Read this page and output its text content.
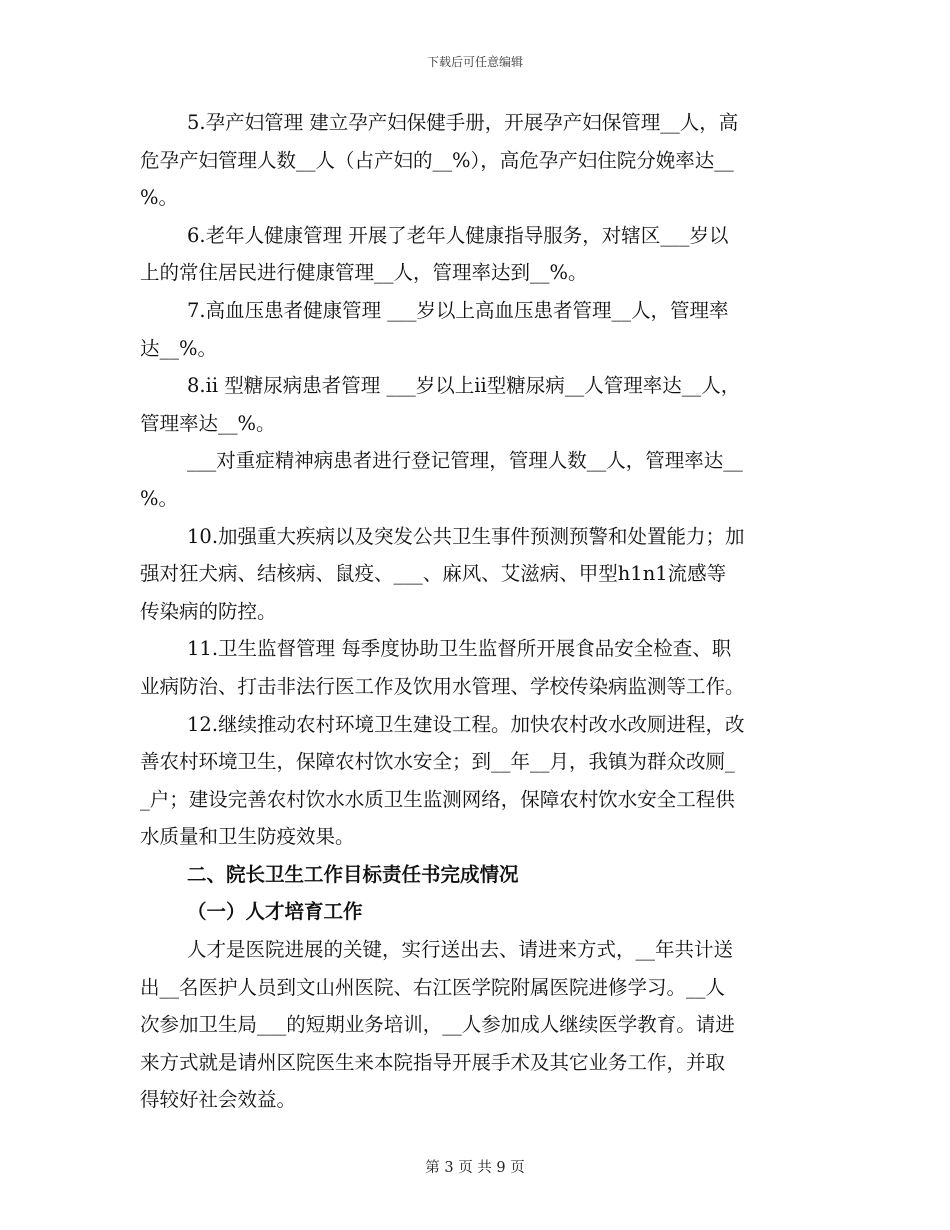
下载后可任意编辑

5.孕产妇管理 建立孕产妇保健手册，开展孕产妇保管理__人，高

危孕产妇管理人数__人（占产妇的__%），高危孕产妇住院分娩率达__

%。

6.老年人健康管理 开展了老年人健康指导服务，对辖区___岁以

上的常住居民进行健康管理__人，管理率达到__%。

7.高血压患者健康管理 ___岁以上高血压患者管理__人，管理率

达__%。

8.ii 型糖尿病患者管理 ___岁以上ii型糖尿病__人管理率达__人，

管理率达__%。

___对重症精神病患者进行登记管理，管理人数__人，管理率达__

%。

10.加强重大疾病以及突发公共卫生事件预测预警和处置能力；加

强对狂犬病、结核病、鼠疫、___、麻风、艾滋病、甲型h1n1流感等

传染病的防控。

11.卫生监督管理 每季度协助卫生监督所开展食品安全检查、职

业病防治、打击非法行医工作及饮用水管理、学校传染病监测等工作。

12.继续推动农村环境卫生建设工程。加快农村改水改厕进程，改

善农村环境卫生，保障农村饮水安全；到__年__月，我镇为群众改厕_

_户；建设完善农村饮水水质卫生监测网络，保障农村饮水安全工程供

水质量和卫生防疫效果。

二、院长卫生工作目标责任书完成情况

（一）人才培育工作

人才是医院进展的关键，实行送出去、请进来方式，__年共计送

出__名医护人员到文山州医院、右江医学院附属医院进修学习。__人

次参加卫生局___的短期业务培训，__人参加成人继续医学教育。请进

来方式就是请州区院医生来本院指导开展手术及其它业务工作，并取

得较好社会效益。

第 3 页 共 9 页
